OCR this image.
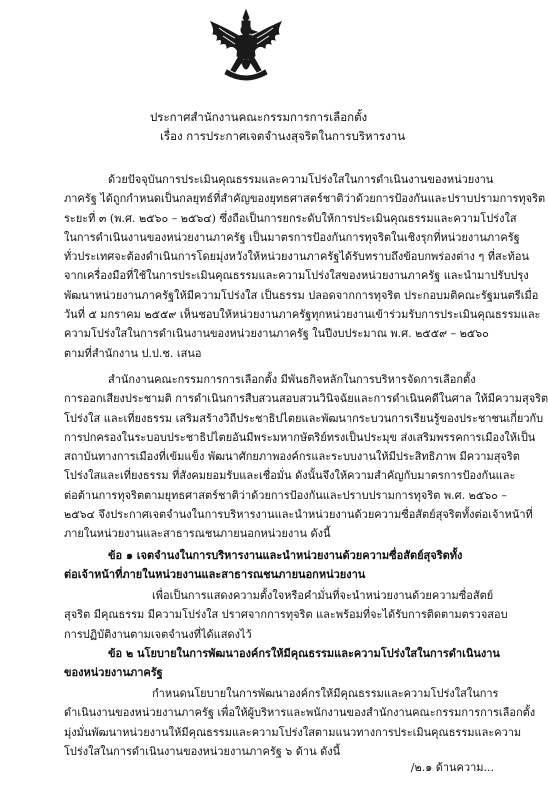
ประกาศสำนักงานคณะกรรมการการเลือกตั้ง
เรื่อง การประกาศเจตจำนงสุจริตในการบริหารงาน
ด้วยปัจจุบันการประเมินคุณธรรมและความโปร่งใสในการดำเนินงานของหน่วยงาน
ภาครัฐ ได้ถูกกำหนดเป็นกลยุทธ์ที่สำคัญของยุทธศาสตร์ชาติว่าด้วยการป้องกันและปราบปรามการทุจริต
ระยะที่ ๓ (พ.ศ. ๒๕๖๐ – ๒๕๖๔) ซึ่งถือเป็นการยกระดับให้การประเมินคุณธรรมและความโปร่งใส
ในการดำเนินงานของหน่วยงานภาครัฐ เป็นมาตรการป้องกันการทุจริตในเชิงรุกที่หน่วยงานภาครัฐ
ทั่วประเทศจะต้องดำเนินการโดยมุ่งหวังให้หน่วยงานภาครัฐได้รับทราบถึงข้อบกพร่องต่าง ๆ ที่สะท้อน
จากเครื่องมือที่ใช้ในการประเมินคุณธรรมและความโปร่งใสของหน่วยงานภาครัฐ และนำมาปรับปรุง
พัฒนาหน่วยงานภาครัฐให้มีความโปร่งใส เป็นธรรม ปลอดจากการทุจริต ประกอบมติคณะรัฐมนตรีเมื่อ
วันที่ ๕ มกราคม ๒๕๕๙ เห็นชอบให้หน่วยงานภาครัฐทุกหน่วยงานเข้าร่วมรับการประเมินคุณธรรมและ
ความโปร่งใสในการดำเนินงานของหน่วยงานภาครัฐ ในปีงบประมาณ พ.ศ. ๒๕๕๙ – ๒๕๖๐
ตามที่สำนักงาน ป.ป.ช. เสนอ
สำนักงานคณะกรรมการการเลือกตั้ง มีพันธกิจหลักในการบริหารจัดการเลือกตั้ง
การออกเสียงประชามติ การดำเนินการสืบสวนสอบสวนวินิจฉัยและการดำเนินคดีในศาล ให้มีความสุจริต
โปร่งใส และเที่ยงธรรม เสริมสร้างวิถีประชาธิปไตยและพัฒนากระบวนการเรียนรู้ของประชาชนเกี่ยวกับ
การปกครองในระบอบประชาธิปไตยอันมีพระมหากษัตริย์ทรงเป็นประมุข ส่งเสริมพรรคการเมืองให้เป็น
สถาบันทางการเมืองที่เข้มแข็ง พัฒนาศักยภาพองค์กรและระบบงานให้มีประสิทธิภาพ มีความสุจริต
โปร่งใสและเที่ยงธรรม ที่สังคมยอมรับและเชื่อมั่น ดังนั้นจึงให้ความสำคัญกับมาตรการป้องกันและ
ต่อต้านการทุจริตตามยุทธศาสตร์ชาติว่าด้วยการป้องกันและปราบปรามการทุจริต พ.ศ. ๒๕๖๐ –
๒๕๖๔ จึงประกาศเจตจำนงในการบริหารงานและนำหน่วยงานด้วยความซื่อสัตย์สุจริตทั้งต่อเจ้าหน้าที่
ภายในหน่วยงานและสาธารณชนภายนอกหน่วยงาน ดังนี้
ข้อ ๑ เจตจำนงในการบริหารงานและนำหน่วยงานด้วยความซื่อสัตย์สุจริตทั้ง
ต่อเจ้าหน้าที่ภายในหน่วยงานและสาธารณชนภายนอกหน่วยงาน
เพื่อเป็นการแสดงความตั้งใจหรือคำมั่นที่จะนำหน่วยงานด้วยความซื่อสัตย์
สุจริต มีคุณธรรม มีความโปร่งใส ปราศจากการทุจริต และพร้อมที่จะได้รับการติดตามตรวจสอบ
การปฏิบัติงานตามเจตจำนงที่ได้แสดงไว้
ข้อ ๒ นโยบายในการพัฒนาองค์กรให้มีคุณธรรมและความโปร่งใสในการดำเนินงาน
ของหน่วยงานภาครัฐ
กำหนดนโยบายในการพัฒนาองค์กรให้มีคุณธรรมและความโปร่งใสในการ
ดำเนินงานของหน่วยงานภาครัฐ เพื่อให้ผู้บริหารและพนักงานของสำนักงานคณะกรรมการการเลือกตั้ง
มุ่งมั่นพัฒนาหน่วยงานให้มีคุณธรรมและความโปร่งใสตามแนวทางการประเมินคุณธรรมและความ
โปร่งใสในการดำเนินงานของหน่วยงานภาครัฐ ๖ ด้าน ดังนี้
/๒.๑ ด้านความ...
